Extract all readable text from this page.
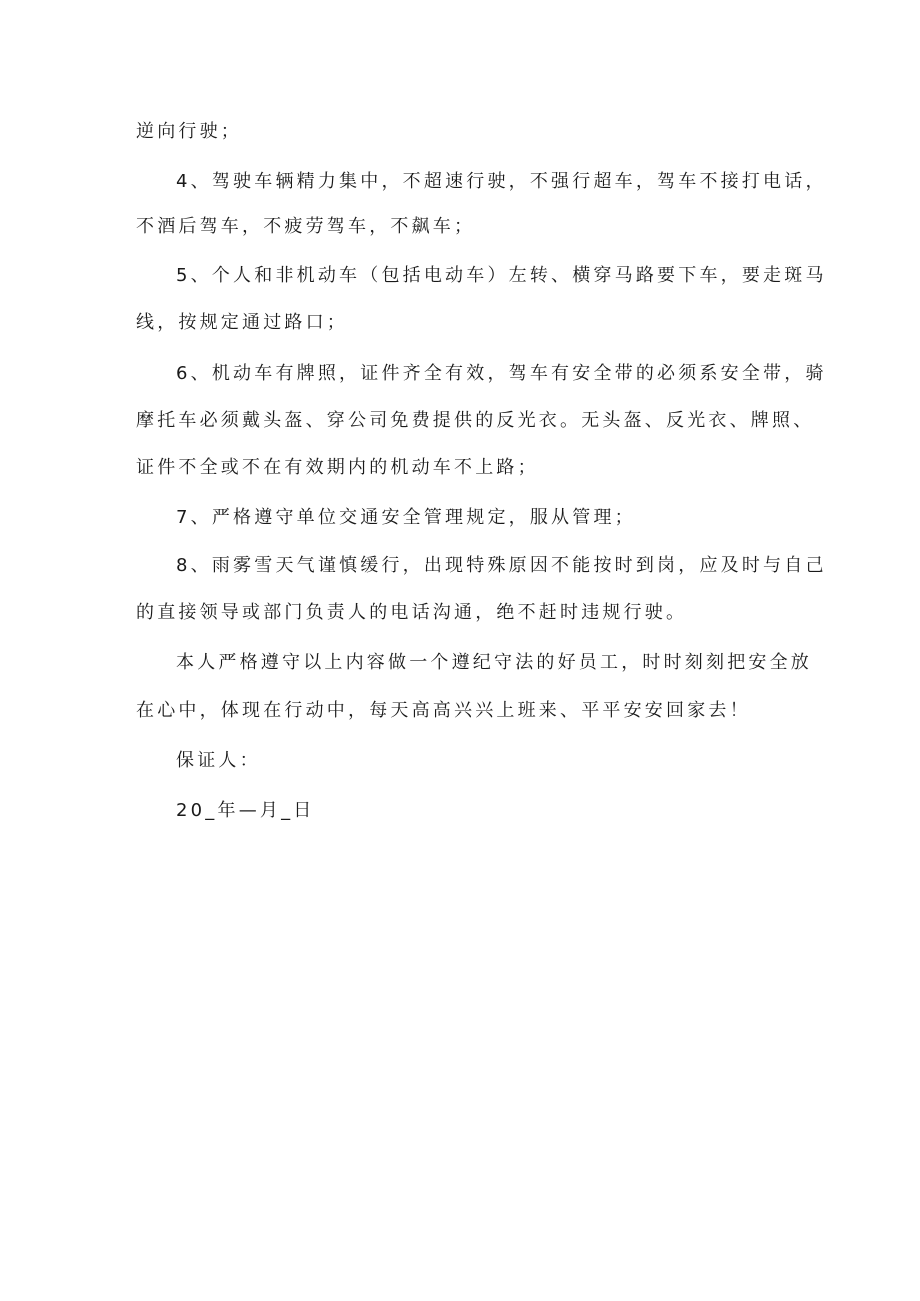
逆向行驶；
4、驾驶车辆精力集中，不超速行驶，不强行超车，驾车不接打电话，
不酒后驾车，不疲劳驾车，不飙车；
5、个人和非机动车（包括电动车）左转、横穿马路要下车，要走斑马
线，按规定通过路口；
6、机动车有牌照，证件齐全有效，驾车有安全带的必须系安全带，骑
摩托车必须戴头盔、穿公司免费提供的反光衣。无头盔、反光衣、牌照、
证件不全或不在有效期内的机动车不上路；
7、严格遵守单位交通安全管理规定，服从管理；
8、雨雾雪天气谨慎缓行，出现特殊原因不能按时到岗，应及时与自己
的直接领导或部门负责人的电话沟通，绝不赶时违规行驶。
本人严格遵守以上内容做一个遵纪守法的好员工，时时刻刻把安全放
在心中，体现在行动中，每天高高兴兴上班来、平平安安回家去！
保证人：
20_年—月_日
